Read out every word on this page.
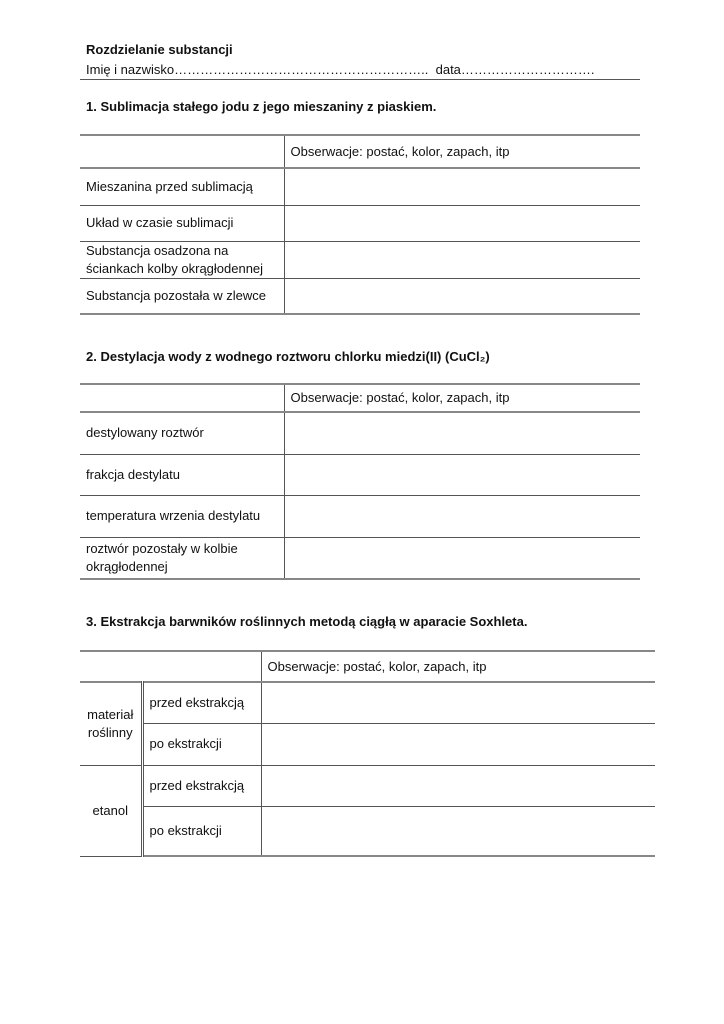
Rozdzielanie substancji
Imię i nazwisko………………………………………………….. data………………………….
1. Sublimacja stałego jodu z jego mieszaniny z piaskiem.
	Obserwacje: postać, kolor, zapach, itp
Mieszanina przed sublimacją	
Układ w czasie sublimacji	
Substancja osadzona na ściankach kolby okrągłodennej	
Substancja pozostała w zlewce	
2. Destylacja wody z wodnego roztworu chlorku miedzi(II) (CuCl₂)
	Obserwacje: postać, kolor, zapach, itp
destylowany roztwór	
frakcja destylatu	
temperatura wrzenia destylatu	
roztwór pozostały w kolbie okrągłodennej	
3. Ekstrakcja barwników roślinnych metodą ciągłą w aparacie Soxhleta.
		Obserwacje: postać, kolor, zapach, itp
materiał roślinny	przed ekstrakcją	
	po ekstrakcji	
etanol	przed ekstrakcją	
	po ekstrakcji	
